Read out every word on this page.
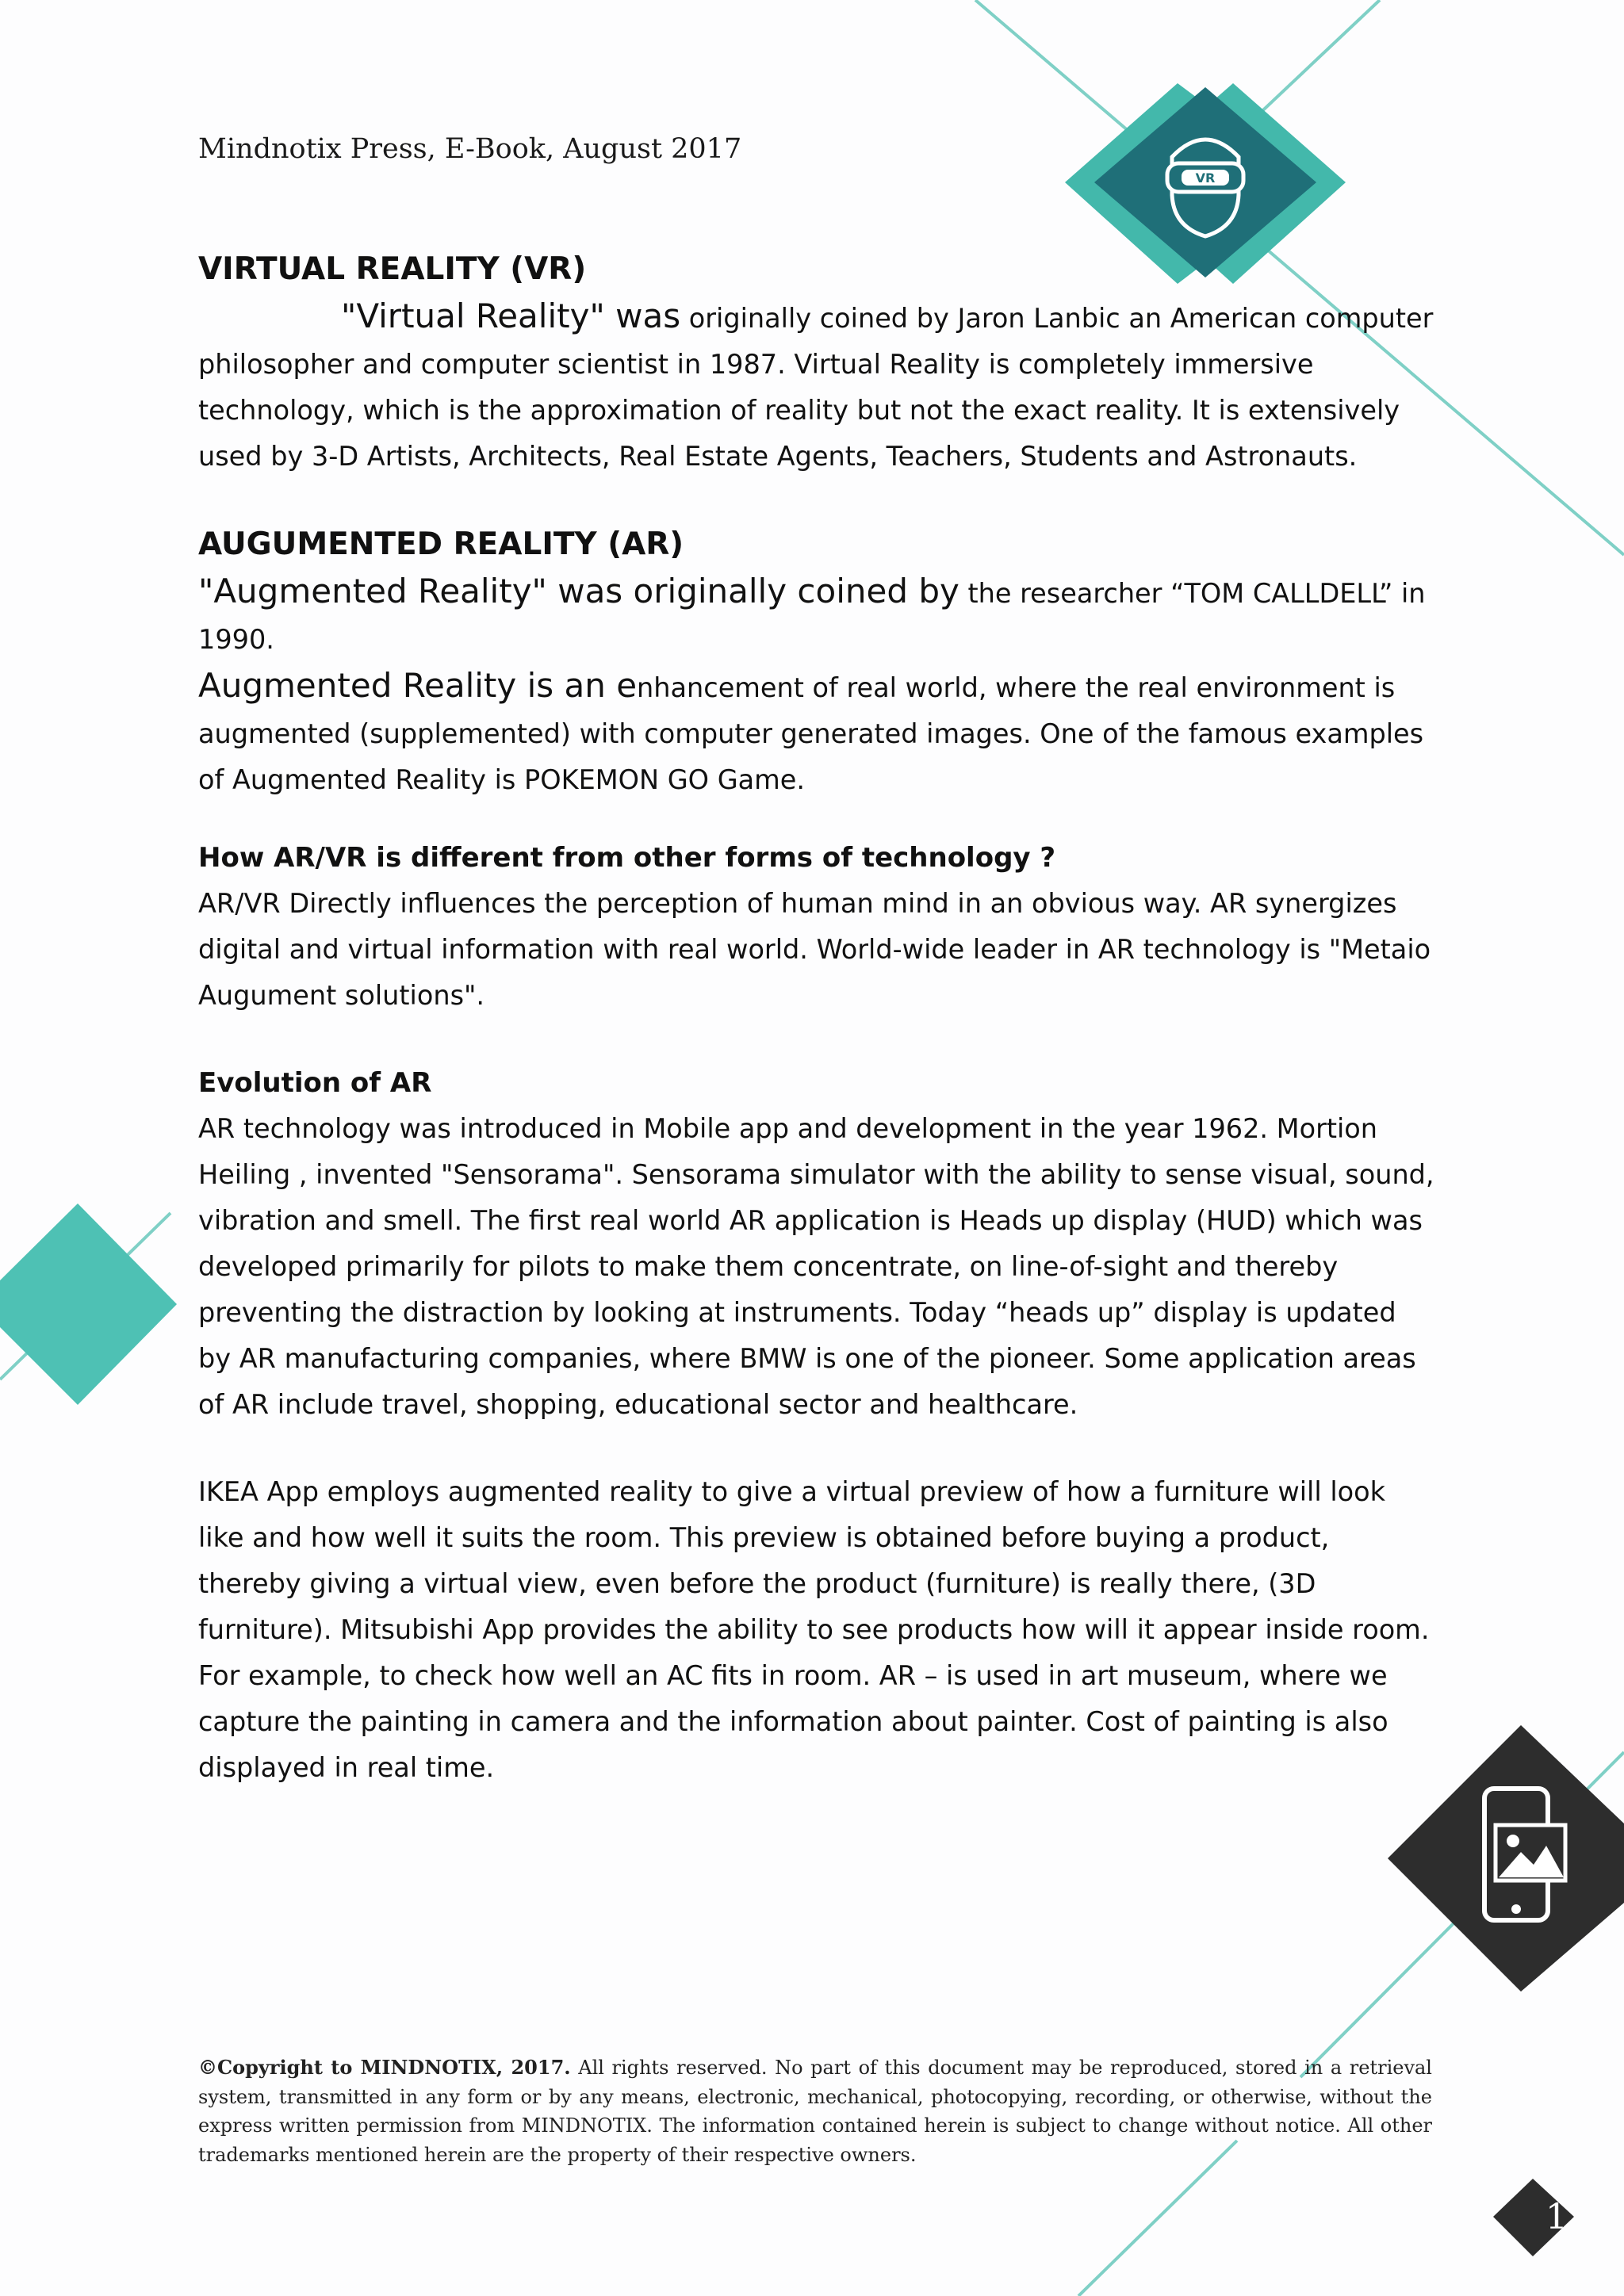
VR
Mindnotix Press, E-Book, August 2017
VIRTUAL REALITY (VR)

"Virtual Reality" was originally coined by Jaron Lanbic an American computer philosopher and computer scientist in 1987. Virtual Reality is completely immersive technology, which is the approximation of reality but not the exact reality. It is extensively used by 3-D Artists, Architects, Real Estate Agents, Teachers, Students and Astronauts.

AUGUMENTED REALITY (AR)

"Augmented Reality" was originally coined by the researcher “TOM CALLDELL” in 1990.

Augmented Reality is an enhancement of real world, where the real environment is augmented (supplemented) with computer generated images. One of the famous examples of Augmented Reality is POKEMON GO Game.

How AR/VR is different from other forms of technology ?

AR/VR Directly influences the perception of human mind in an obvious way. AR synergizes digital and virtual information with real world. World-wide leader in AR technology is "Metaio Augument solutions".

Evolution of AR

AR technology was introduced in Mobile app and development in the year 1962. Mortion Heiling , invented "Sensorama". Sensorama simulator with the ability to sense visual, sound, vibration and smell. The first real world AR application is Heads up display (HUD) which was developed primarily for pilots to make them concentrate, on line-of-sight and thereby preventing the distraction by looking at instruments. Today “heads up” display is updated by AR manufacturing companies, where BMW is one of the pioneer. Some application areas of AR include travel, shopping, educational sector and healthcare.

IKEA App employs augmented reality to give a virtual preview of how a furniture will look like and how well it suits the room. This preview is obtained before buying a product, thereby giving a virtual view, even before the product (furniture) is really there, (3D furniture). Mitsubishi App provides the ability to see products how will it appear inside room. For example, to check how well an AC fits in room. AR – is used in art museum, where we capture the painting in camera and the information about painter. Cost of painting is also displayed in real time.

©Copyright to MINDNOTIX, 2017. All rights reserved. No part of this document may be reproduced, stored in a retrieval system, transmitted in any form or by any means, electronic, mechanical, photocopying, recording, or otherwise, without the express written permission from MINDNOTIX. The information contained herein is subject to change without notice. All other trademarks mentioned herein are the property of their respective owners.
1
